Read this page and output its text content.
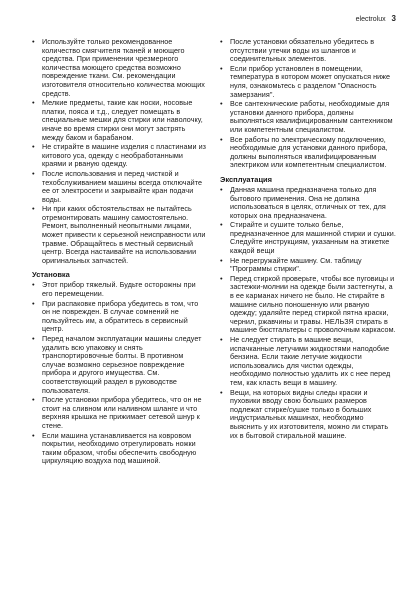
electrolux 3
• Используйте только рекомендованное количество смягчителя тканей и моющего средства. При применении чрезмерного количества моющего средства возможно повреждение ткани. См. рекомендации изготовителя относительно количества моющих средств.
• Мелкие предметы, такие как носки, носовые платки, пояса и т.д., следует помещать в специальные мешки для стирки или наволочку, иначе во время стирки они могут застрять между баком и барабаном.
• Не стирайте в машине изделия с пластинами из китового уса, одежду с необработанными краями и рваную одежду.
• После использования и перед чисткой и техобслуживанием машины всегда отключайте ее от электросети и закрывайте кран подачи воды.
• Ни при каких обстоятельствах не пытайтесь отремонтировать машину самостоятельно. Ремонт, выполненный неопытными лицами, может привести к серьезной неисправности или травме. Обращайтесь в местный сервисный центр. Всегда настаивайте на использовании оригинальных запчастей.
Установка
• Этот прибор тяжелый. Будьте осторожны при его перемещении.
• При распаковке прибора убедитесь в том, что он не поврежден. В случае сомнений не пользуйтесь им, а обратитесь в сервисный центр.
• Перед началом эксплуатации машины следует удалить всю упаковку и снять транспортировочные болты. В противном случае возможно серьезное повреждение прибора и другого имущества. См. соответствующий раздел в руководстве пользователя.
• После установки прибора убедитесь, что он не стоит на сливном или наливном шланге и что верхняя крышка не прижимает сетевой шнур к стене.
• Если машина устанавливается на ковровом покрытии, необходимо отрегулировать ножки таким образом, чтобы обеспечить свободную циркуляцию воздуха под машиной.
• После установки обязательно убедитесь в отсутствии утечки воды из шлангов и соединительных элементов.
• Если прибор установлен в помещении, температура в котором может опускаться ниже нуля, ознакомьтесь с разделом "Опасность замерзания".
• Все сантехнические работы, необходимые для установки данного прибора, должны выполняться квалифицированным сантехником или компетентным специалистом.
• Все работы по электрическому подключению, необходимые для установки данного прибора, должны выполняться квалифицированным электриком или компетентным специалистом.
Эксплуатация
• Данная машина предназначена только для бытового применения. Она не должна использоваться в целях, отличных от тех, для которых она предназначена.
• Стирайте и сушите только белье, предназначенное для машинной стирки и сушки. Следуйте инструкциям, указанным на этикетке каждой вещи
• Не перегружайте машину. См. таблицу "Программы стирки".
• Перед стиркой проверьте, чтобы все пуговицы и застежки-молнии на одежде были застегнуты, а в ее карманах ничего не было. Не стирайте в машине сильно поношенную или рваную одежду; удаляйте перед стиркой пятна краски, чернил, ржавчины и травы. НЕЛЬЗЯ стирать в машине бюстгальтеры с проволочным каркасом.
• Не следует стирать в машине вещи, испачканные летучими жидкостями наподобие бензина. Если такие летучие жидкости использовались для чистки одежды, необходимо полностью удалить их с нее перед тем, как класть вещи в машину.
• Вещи, на которых видны следы краски и пуховики вводу свою больших размеров подлежат стирке/сушке только в больших индустриальных машинах, необходимо выяснить у их изготовителя, можно ли стирать их в бытовой стиральной машине.
